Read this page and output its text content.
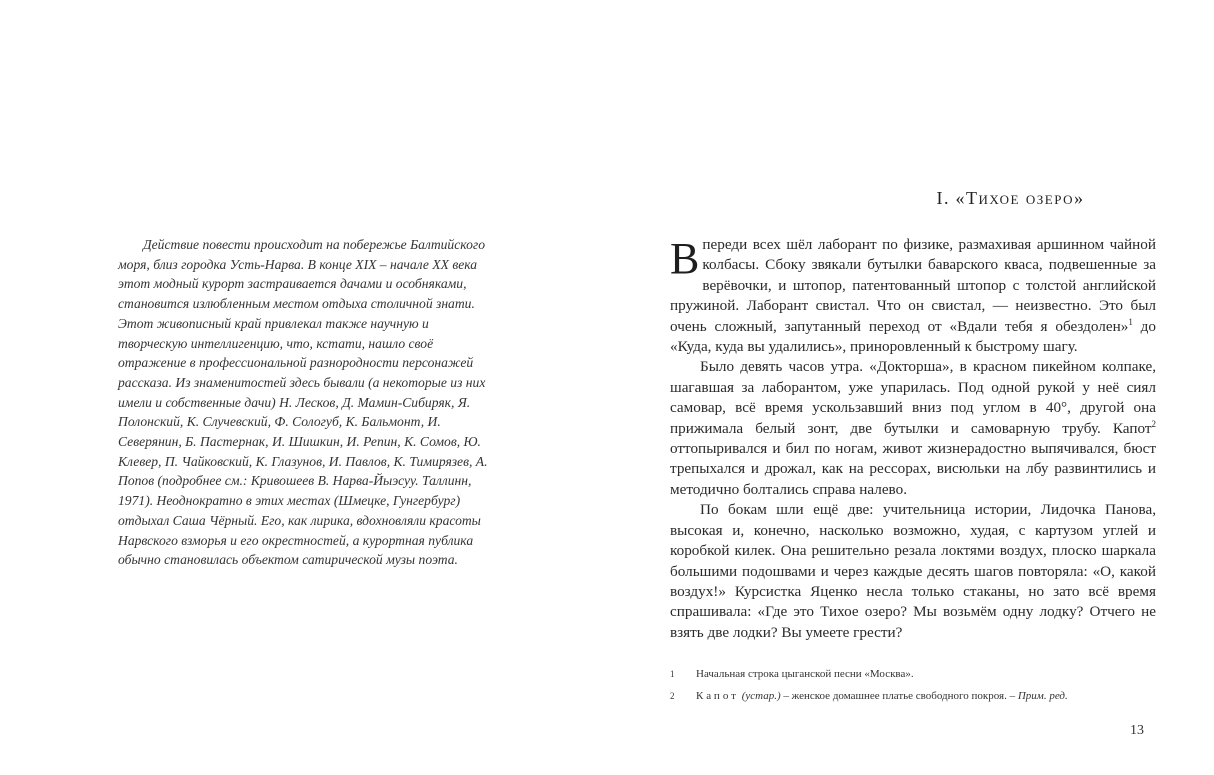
Действие повести происходит на побережье Балтийского моря, близ городка Усть-Нарва. В конце XIX – начале XX века этот модный курорт застраивается дачами и особняками, становится излюбленным местом отдыха столичной знати. Этот живописный край привлекал также научную и творческую интеллигенцию, что, кстати, нашло своё отражение в профессиональной разнородности персонажей рассказа. Из знаменитостей здесь бывали (а некоторые из них имели и собственные дачи) Н. Лесков, Д. Мамин-Сибиряк, Я. Полонский, К. Случевский, Ф. Сологуб, К. Бальмонт, И. Северянин, Б. Пастернак, И. Шишкин, И. Репин, К. Сомов, Ю. Клевер, П. Чайковский, К. Глазунов, И. Павлов, К. Тимирязев, А. Попов (подробнее см.: Кривошеев В. Нарва-Йыэсуу. Таллинн, 1971). Неоднократно в этих местах (Шмецке, Гунгербург) отдыхал Саша Чёрный. Его, как лирика, вдохновляли красоты Нарвского взморья и его окрестностей, а курортная публика обычно становилась объектом сатирической музы поэта.

I. «Тихое озеро»

Впереди всех шёл лаборант по физике, размахивая аршинном чайной колбасы. Сбоку звякали бутылки баварского кваса, подвешенные за верёвочки, и штопор, патентованный штопор с толстой английской пружиной. Лаборант свистал. Что он свистал, — неизвестно. Это был очень сложный, запутанный переход от «Вдали тебя я обездолен»$^1$ до «Куда, куда вы удалились», приноровленный к быстрому шагу.

Было девять часов утра. «Докторша», в красном пикейном колпаке, шагавшая за лаборантом, уже упарилась. Под одной рукой у неё сиял самовар, всё время ускользавший вниз под углом в 40°, другой она прижимала белый зонт, две бутылки и самоварную трубу. Капот$^2$ оттопыривался и бил по ногам, живот жизнерадостно выпячивался, бюст трепыхался и дрожал, как на рессорах, висюльки на лбу развинтились и методично болтались справа налево.

По бокам шли ещё две: учительница истории, Лидочка Панова, высокая и, конечно, насколько возможно, худая, с картузом углей и коробкой килек. Она решительно резала локтями воздух, плоско шаркала большими подошвами и через каждые десять шагов повторяла: «О, какой воздух!» Курсистка Яценко несла только стаканы, но зато всё время спрашивала: «Где это Тихое озеро? Мы возьмём одну лодку? Отчего не взять две лодки? Вы умеете грести?

1	Начальная строка цыганской песни «Москва».
2	Капот (устар.) – женское домашнее платье свободного покроя. – Прим. ред.
13
